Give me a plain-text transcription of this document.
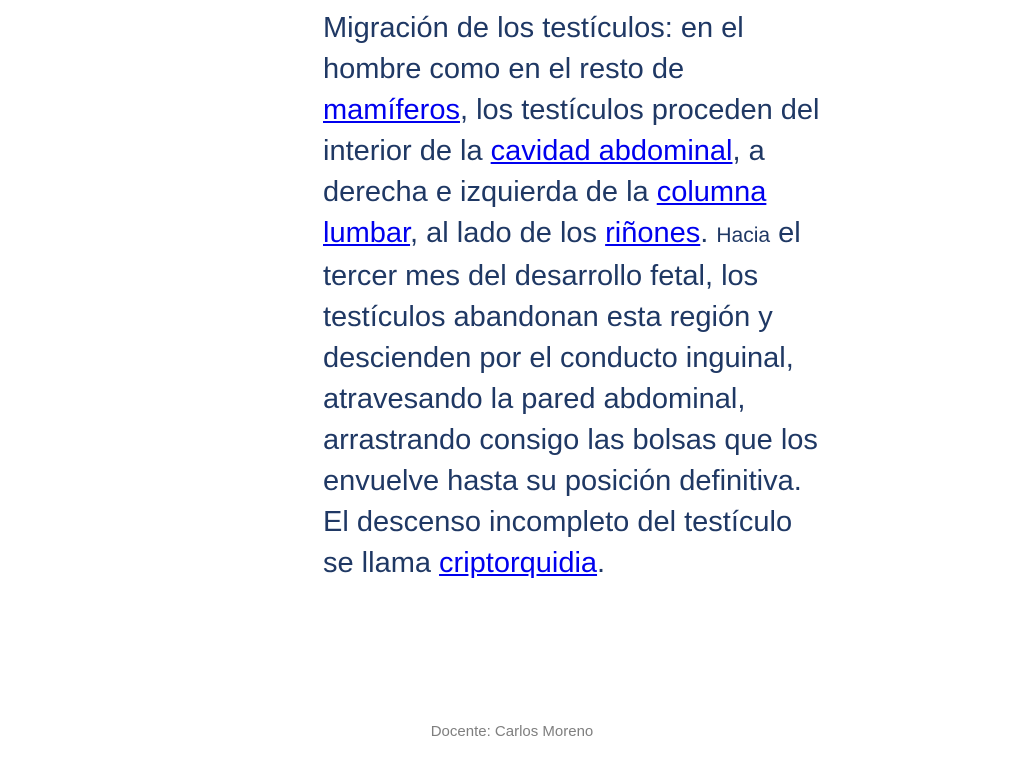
Migración de los testículos: en el hombre como en el resto de mamíferos, los testículos proceden del interior de la cavidad abdominal, a derecha e izquierda de la columna lumbar, al lado de los riñones. Hacia el tercer mes del desarrollo fetal, los testículos abandonan esta región y descienden por el conducto inguinal, atravesando la pared abdominal, arrastrando consigo las bolsas que los envuelve hasta su posición definitiva. El descenso incompleto del testículo se llama criptorquidia.

Docente: Carlos Moreno
